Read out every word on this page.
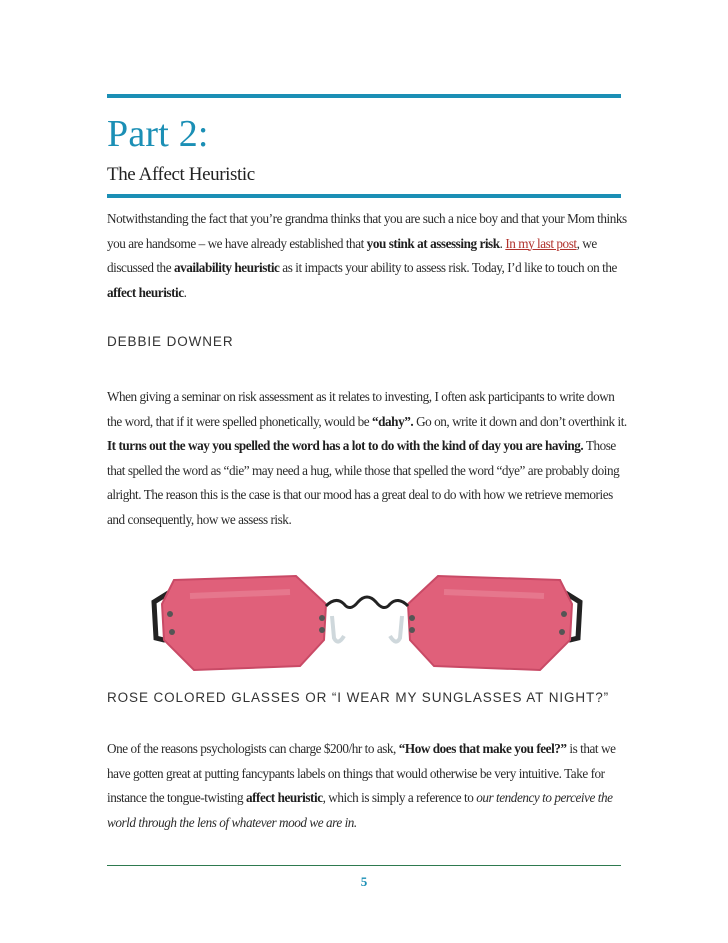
Part 2:
The Affect Heuristic

Notwithstanding the fact that you’re grandma thinks that you are such a nice boy and that your Mom thinks you are handsome – we have already established that you stink at assessing risk. In my last post, we discussed the availability heuristic as it impacts your ability to assess risk. Today, I’d like to touch on the affect heuristic.

DEBBIE DOWNER

When giving a seminar on risk assessment as it relates to investing, I often ask participants to write down the word, that if it were spelled phonetically, would be “dahy”. Go on, write it down and don’t overthink it. It turns out the way you spelled the word has a lot to do with the kind of day you are having. Those that spelled the word as “die” may need a hug, while those that spelled the word “dye” are probably doing alright. The reason this is the case is that our mood has a great deal to do with how we retrieve memories and consequently, how we assess risk.

ROSE COLORED GLASSES OR “I WEAR MY SUNGLASSES AT NIGHT?”

One of the reasons psychologists can charge $200/hr to ask, “How does that make you feel?” is that we have gotten great at putting fancypants labels on things that would otherwise be very intuitive. Take for instance the tongue-twisting affect heuristic, which is simply a reference to our tendency to perceive the world through the lens of whatever mood we are in.

5
